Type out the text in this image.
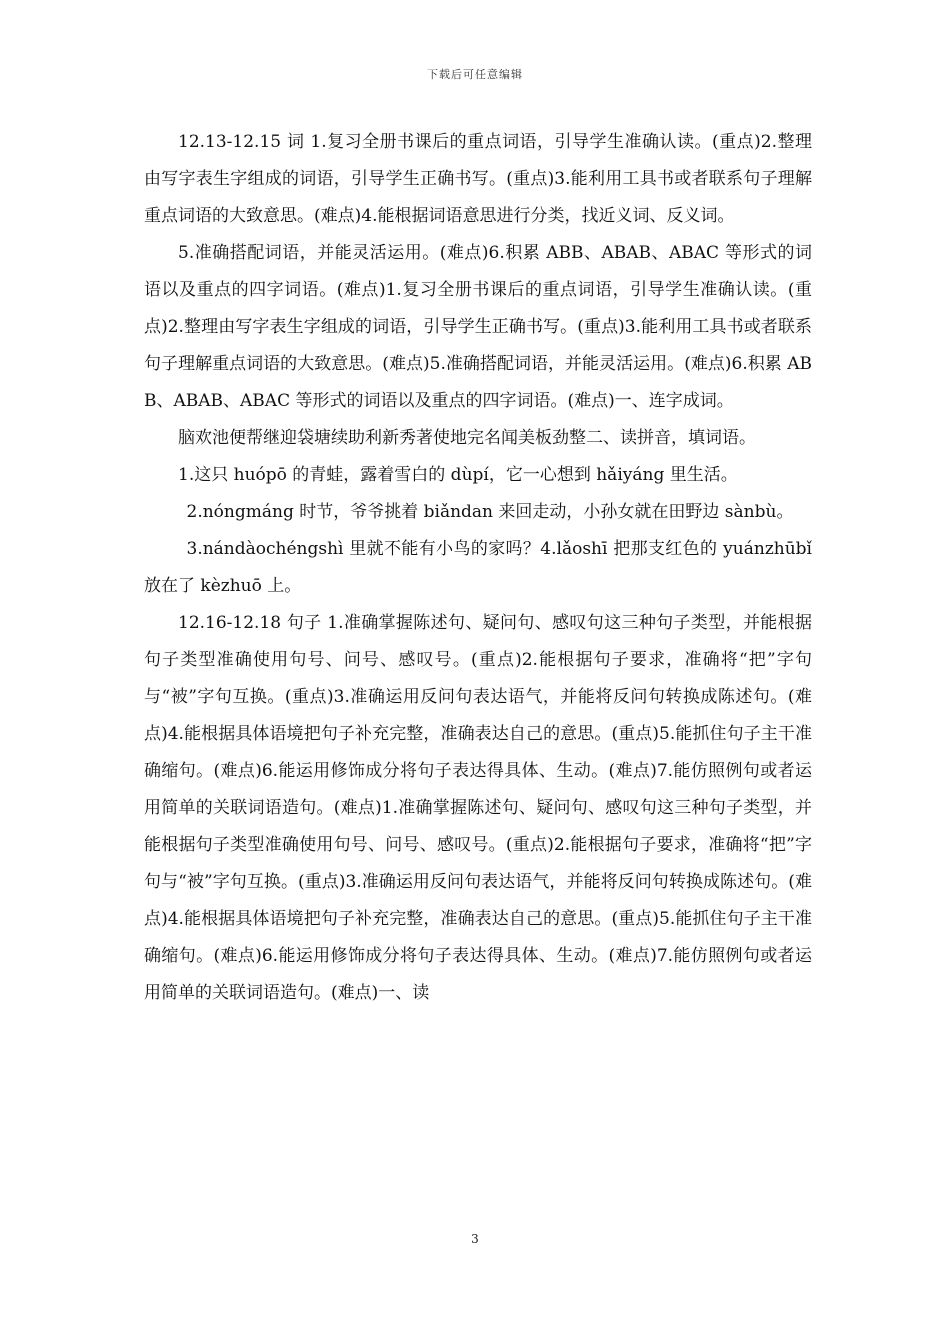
下载后可任意编辑

12.13-12.15 词 1.复习全册书课后的重点词语，引导学生准确认读。(重点)2.整理由写字表生字组成的词语，引导学生正确书写。(重点)3.能利用工具书或者联系句子理解重点词语的大致意思。(难点)4.能根据词语意思进行分类，找近义词、反义词。

5.准确搭配词语，并能灵活运用。(难点)6.积累 ABB、ABAB、ABAC 等形式的词语以及重点的四字词语。(难点)1.复习全册书课后的重点词语，引导学生准确认读。(重点)2.整理由写字表生字组成的词语，引导学生正确书写。(重点)3.能利用工具书或者联系句子理解重点词语的大致意思。(难点)5.准确搭配词语，并能灵活运用。(难点)6.积累 ABB、ABAB、ABAC 等形式的词语以及重点的四字词语。(难点)一、连字成词。

脑欢池便帮继迎袋塘续助利新秀著使地完名闻美板劲整二、读拼音，填词语。

1.这只 huópō 的青蛙，露着雪白的 dùpí，它一心想到 hǎiyáng 里生活。

2.nóngmáng 时节，爷爷挑着 biǎndan 来回走动，小孙女就在田野边 sànbù。

3.nándàochéngshì 里就不能有小鸟的家吗？4.lǎoshī 把那支红色的 yuánzhūbǐ 放在了 kèzhuō 上。

12.16-12.18 句子 1.准确掌握陈述句、疑问句、感叹句这三种句子类型，并能根据句子类型准确使用句号、问号、感叹号。(重点)2.能根据句子要求，准确将“把”字句与“被”字句互换。(重点)3.准确运用反问句表达语气，并能将反问句转换成陈述句。(难点)4.能根据具体语境把句子补充完整，准确表达自己的意思。(重点)5.能抓住句子主干准确缩句。(难点)6.能运用修饰成分将句子表达得具体、生动。(难点)7.能仿照例句或者运用简单的关联词语造句。(难点)1.准确掌握陈述句、疑问句、感叹句这三种句子类型，并能根据句子类型准确使用句号、问号、感叹号。(重点)2.能根据句子要求，准确将“把”字句与“被”字句互换。(重点)3.准确运用反问句表达语气，并能将反问句转换成陈述句。(难点)4.能根据具体语境把句子补充完整，准确表达自己的意思。(重点)5.能抓住句子主干准确缩句。(难点)6.能运用修饰成分将句子表达得具体、生动。(难点)7.能仿照例句或者运用简单的关联词语造句。(难点)一、读

3
